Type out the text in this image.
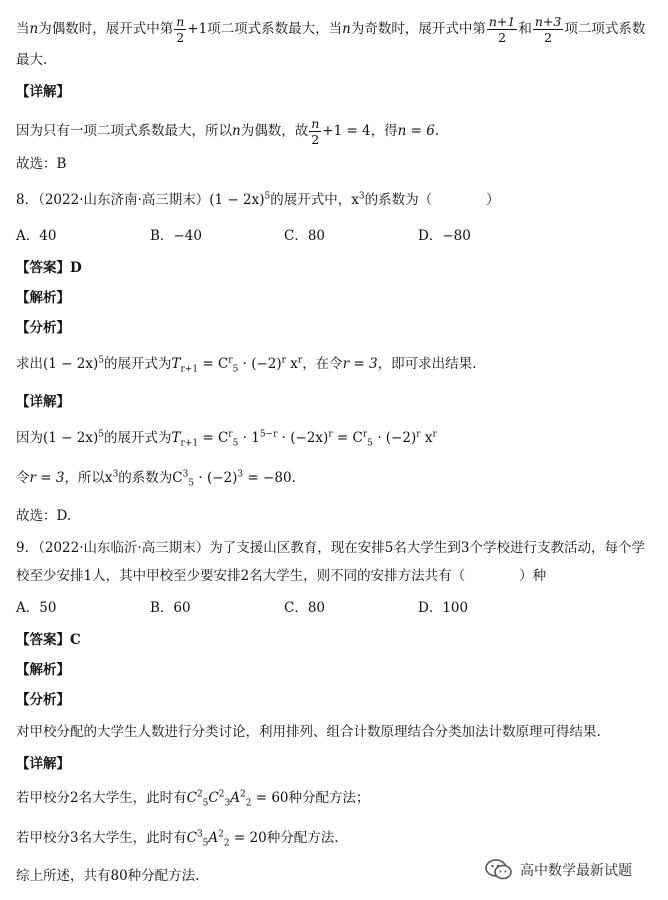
当n为偶数时，展开式中第 $\frac{n}{2} +1$项二项式系数最大，当n为奇数时，展开式中第 $\frac{n+1}{2}$ 和 $\frac{n+3}{2}$ 项二项式系数
最大.
【详解】
因为只有一项二项式系数最大，所以n为偶数，故 $\frac{n}{2} +1 = 4$，得n = 6.
故选：B
8．（2022·山东济南·高三期末）$(1 - 2x)^5$的展开式中，$x^3$的系数为（　　　　）
A．40	B．−40	C．80	D．−80
【答案】D
【解析】
【分析】
求出$(1 - 2x)^5$的展开式为$T_{r+1} = C^r_5 \cdot (-2)^r$ $x^r$，在令r = 3，即可求出结果.
【详解】
因为$(1 - 2x)^5$的展开式为$T_{r+1} = C^r_5 \cdot 1^{5-r} \cdot (-2x)^r = C^r_5 \cdot (-2)^r$ $x^r$
令r = 3，所以$x^3$的系数为$C^3_5 \cdot (-2)^3 = -80$.
故选：D.
9．（2022·山东临沂·高三期末）为了支援山区教育，现在安排5名大学生到3个学校进行支教活动，每个学
校至少安排1人，其中甲校至少要安排2名大学生，则不同的安排方法共有（　　　　）种
A．50	B．60	C．80	D．100
【答案】C
【解析】
【分析】
对甲校分配的大学生人数进行分类讨论，利用排列、组合计数原理结合分类加法计数原理可得结果.
【详解】
若甲校分2名大学生，此时有$C^2_5C^2_3A^2_2 = 60$种分配方法；
若甲校分3名大学生，此时有$C^3_5A^2_2 = 20$种分配方法.
综上所述，共有80种分配方法.	高中数学最新试题
